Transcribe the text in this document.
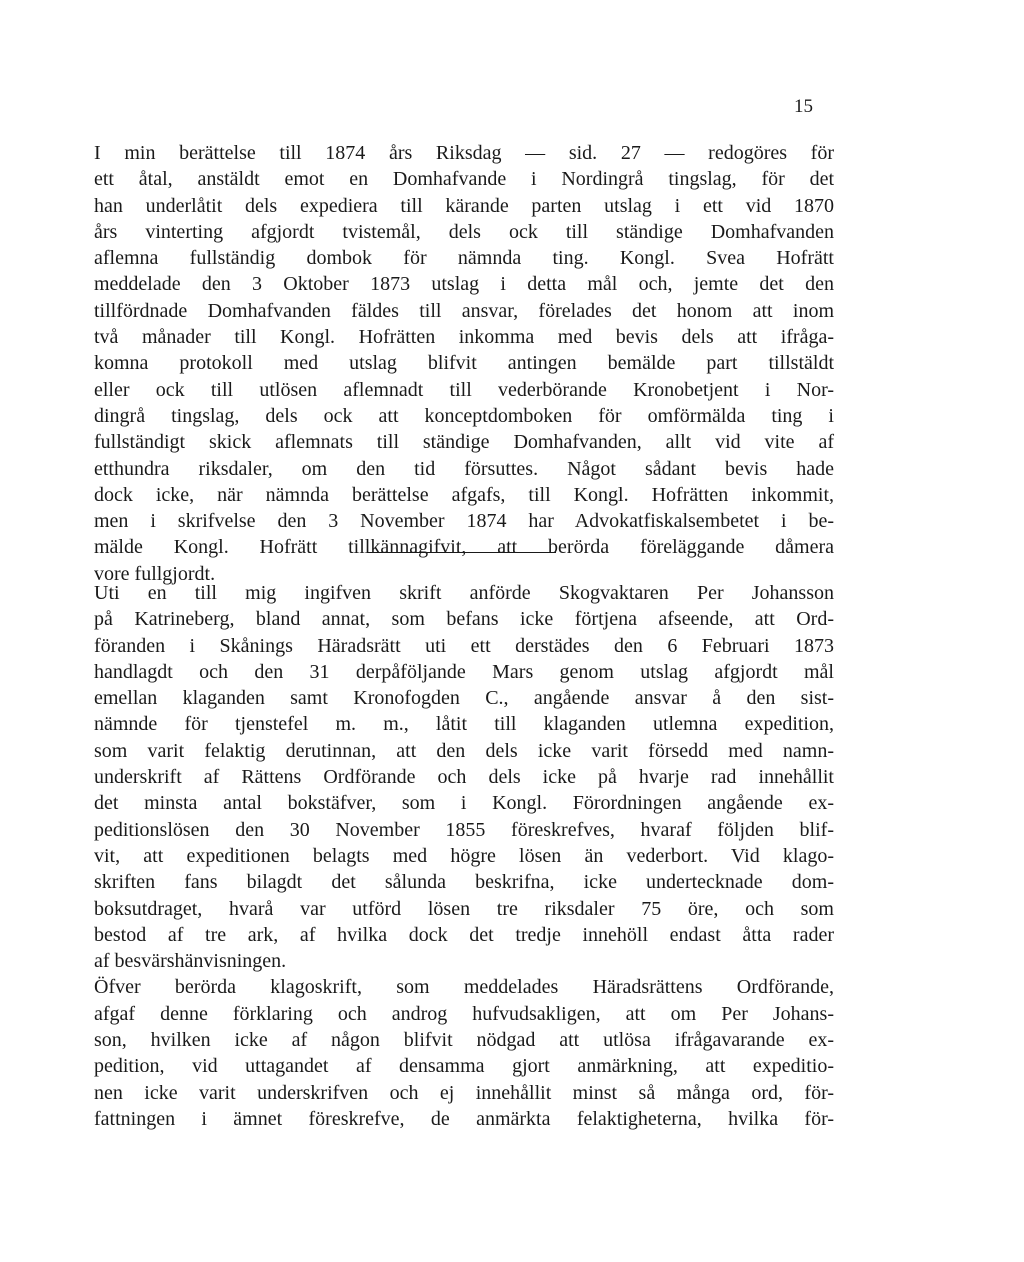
15
I min berättelse till 1874 års Riksdag — sid. 27 — redogöres för
ett åtal, anstäldt emot en Domhafvande i Nordingrå tingslag, för det
han underlåtit dels expediera till kärande parten utslag i ett vid 1870
års vinterting afgjordt tvistemål, dels ock till ständige Domhafvanden
aflemna fullständig dombok för nämnda ting. Kongl. Svea Hofrätt
meddelade den 3 Oktober 1873 utslag i detta mål och, jemte det den
tillfördnade Domhafvanden fäldes till ansvar, förelades det honom att inom
två månader till Kongl. Hofrätten inkomma med bevis dels att ifråga-
komna protokoll med utslag blifvit antingen bemälde part tillstäldt
eller ock till utlösen aflemnadt till vederbörande Kronobetjent i Nor-
dingrå tingslag, dels ock att konceptdomboken för omförmälda ting i
fullständigt skick aflemnats till ständige Domhafvanden, allt vid vite af
etthundra riksdaler, om den tid försuttes. Något sådant bevis hade
dock icke, när nämnda berättelse afgafs, till Kongl. Hofrätten inkommit,
men i skrifvelse den 3 November 1874 har Advokatfiskalsembetet i be-
mälde Kongl. Hofrätt tillkännagifvit, att berörda föreläggande dåmera
vore fullgjordt.
Uti en till mig ingifven skrift anförde Skogvaktaren Per Johansson
på Katrineberg, bland annat, som befans icke förtjena afseende, att Ord-
föranden i Skånings Häradsrätt uti ett derstädes den 6 Februari 1873
handlagdt och den 31 derpåföljande Mars genom utslag afgjordt mål
emellan klaganden samt Kronofogden C., angående ansvar å den sist-
nämnde för tjenstefel m. m., låtit till klaganden utlemna expedition,
som varit felaktig derutinnan, att den dels icke varit försedd med namn-
underskrift af Rättens Ordförande och dels icke på hvarje rad innehållit
det minsta antal bokstäfver, som i Kongl. Förordningen angående ex-
peditionslösen den 30 November 1855 föreskrefves, hvaraf följden blif-
vit, att expeditionen belagts med högre lösen än vederbort. Vid klago-
skriften fans bilagdt det sålunda beskrifna, icke undertecknade dom-
boksutdraget, hvarå var utförd lösen tre riksdaler 75 öre, och som
bestod af tre ark, af hvilka dock det tredje innehöll endast åtta rader
af besvärshänvisningen.
Öfver berörda klagoskrift, som meddelades Häradsrättens Ordförande,
afgaf denne förklaring och androg hufvudsakligen, att om Per Johans-
son, hvilken icke af någon blifvit nödgad att utlösa ifrågavarande ex-
pedition, vid uttagandet af densamma gjort anmärkning, att expeditio-
nen icke varit underskrifven och ej innehållit minst så många ord, för-
fattningen i ämnet föreskrefve, de anmärkta felaktigheterna, hvilka för-
